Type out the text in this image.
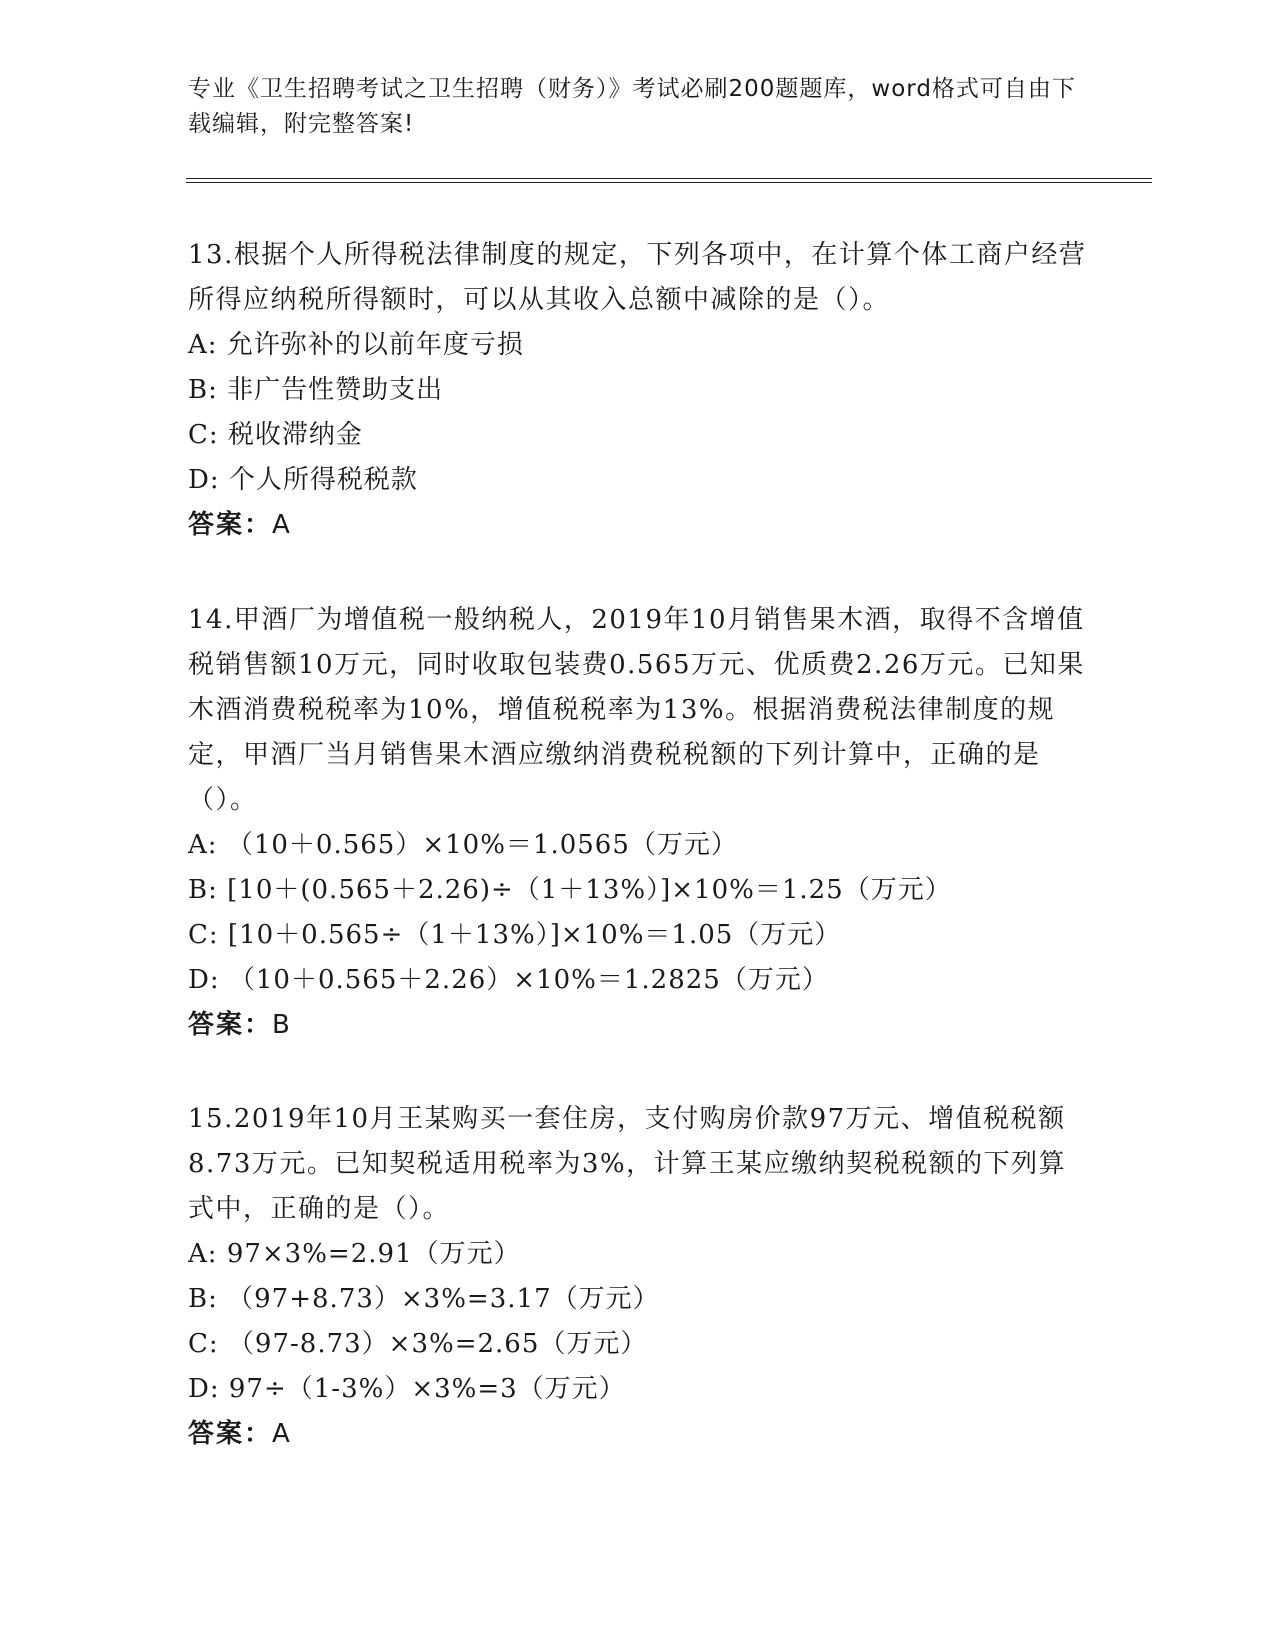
专业《卫生招聘考试之卫生招聘（财务）》考试必刷200题题库，word格式可自由下载编辑，附完整答案!

13.根据个人所得税法律制度的规定，下列各项中，在计算个体工商户经营所得应纳税所得额时，可以从其收入总额中减除的是（）。

A: 允许弥补的以前年度亏损
B: 非广告性赞助支出
C: 税收滞纳金
D: 个人所得税税款
答案：A

14.甲酒厂为增值税一般纳税人，2019年10月销售果木酒，取得不含增值税销售额10万元，同时收取包装费0.565万元、优质费2.26万元。已知果木酒消费税税率为10%，增值税税率为13%。根据消费税法律制度的规定，甲酒厂当月销售果木酒应缴纳消费税税额的下列计算中，正确的是（）。

A: （10＋0.565）×10%＝1.0565（万元）
B: [10＋(0.565＋2.26)÷（1＋13%）]×10%＝1.25（万元）
C: [10＋0.565÷（1＋13%）]×10%＝1.05（万元）
D: （10＋0.565＋2.26）×10%＝1.2825（万元）
答案：B

15.2019年10月王某购买一套住房，支付购房价款97万元、增值税税额8.73万元。已知契税适用税率为3%，计算王某应缴纳契税税额的下列算式中，正确的是（）。

A: 97×3%=2.91（万元）
B: （97+8.73）×3%=3.17（万元）
C: （97-8.73）×3%=2.65（万元）
D: 97÷（1-3%）×3%=3（万元）
答案：A
